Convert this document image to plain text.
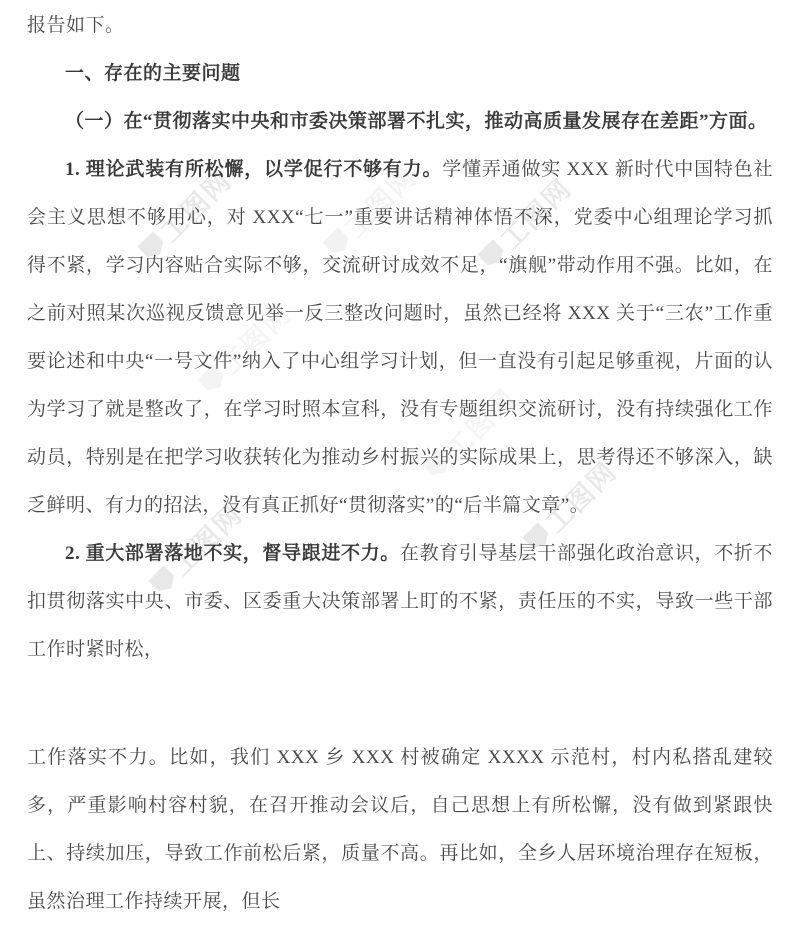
工图网	工图网	工图网
工图网
工图网
工图网
工图网

报告如下。

一、存在的主要问题

（一）在“贯彻落实中央和市委决策部署不扎实，推动高质量发展存在差距”方面。

1. 理论武装有所松懈，以学促行不够有力。学懂弄通做实 XXX 新时代中国特色社会主义思想不够用心，对 XXX“七一”重要讲话精神体悟不深，党委中心组理论学习抓得不紧，学习内容贴合实际不够，交流研讨成效不足，“旗舰”带动作用不强。比如，在之前对照某次巡视反馈意见举一反三整改问题时，虽然已经将 XXX 关于“三农”工作重要论述和中央“一号文件”纳入了中心组学习计划，但一直没有引起足够重视，片面的认为学习了就是整改了，在学习时照本宣科，没有专题组织交流研讨，没有持续强化工作动员，特别是在把学习收获转化为推动乡村振兴的实际成果上，思考得还不够深入，缺乏鲜明、有力的招法，没有真正抓好“贯彻落实”的“后半篇文章”。

2. 重大部署落地不实，督导跟进不力。在教育引导基层干部强化政治意识，不折不扣贯彻落实中央、市委、区委重大决策部署上盯的不紧，责任压的不实，导致一些干部工作时紧时松，

工作落实不力。比如，我们 XXX 乡 XXX 村被确定 XXXX 示范村，村内私搭乱建较多，严重影响村容村貌，在召开推动会议后，自己思想上有所松懈，没有做到紧跟快上、持续加压，导致工作前松后紧，质量不高。再比如，全乡人居环境治理存在短板，虽然治理工作持续开展，但长
